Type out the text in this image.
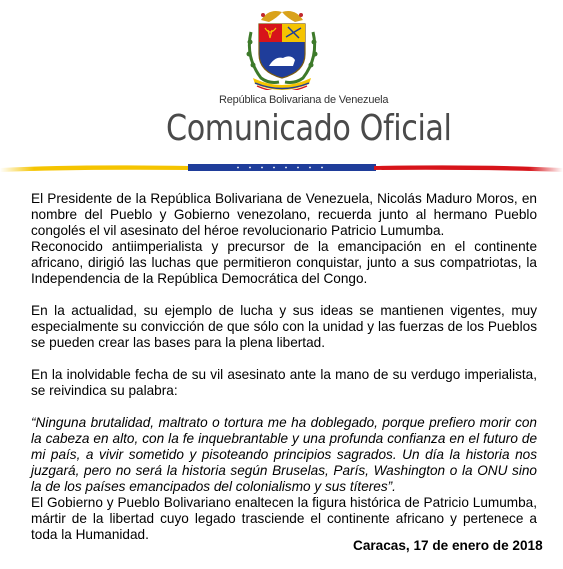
República Bolivariana de Venezuela
Comunicado Oficial

El Presidente de la República Bolivariana de Venezuela, Nicolás Maduro Moros, en nombre del Pueblo y Gobierno venezolano, recuerda junto al hermano Pueblo congolés el vil asesinato del héroe revolucionario Patricio Lumumba.

Reconocido antiimperialista y precursor de la emancipación en el continente africano, dirigió las luchas que permitieron conquistar, junto a sus compatriotas, la Independencia de la República Democrática del Congo.

En la actualidad, su ejemplo de lucha y sus ideas se mantienen vigentes, muy especialmente su convicción de que sólo con la unidad y las fuerzas de los Pueblos se pueden crear las bases para la plena libertad.

En la inolvidable fecha de su vil asesinato ante la mano de su verdugo imperialista, se reivindica su palabra:

“Ninguna brutalidad, maltrato o tortura me ha doblegado, porque prefiero morir con la cabeza en alto, con la fe inquebrantable y una profunda confianza en el futuro de mi país, a vivir sometido y pisoteando principios sagrados. Un día la historia nos juzgará, pero no será la historia según Bruselas, París, Washington o la ONU sino la de los países emancipados del colonialismo y sus títeres”.

El Gobierno y Pueblo Bolivariano enaltecen la figura histórica de Patricio Lumumba, mártir de la libertad cuyo legado trasciende el continente africano y pertenece a toda la Humanidad.

Caracas, 17 de enero de 2018
